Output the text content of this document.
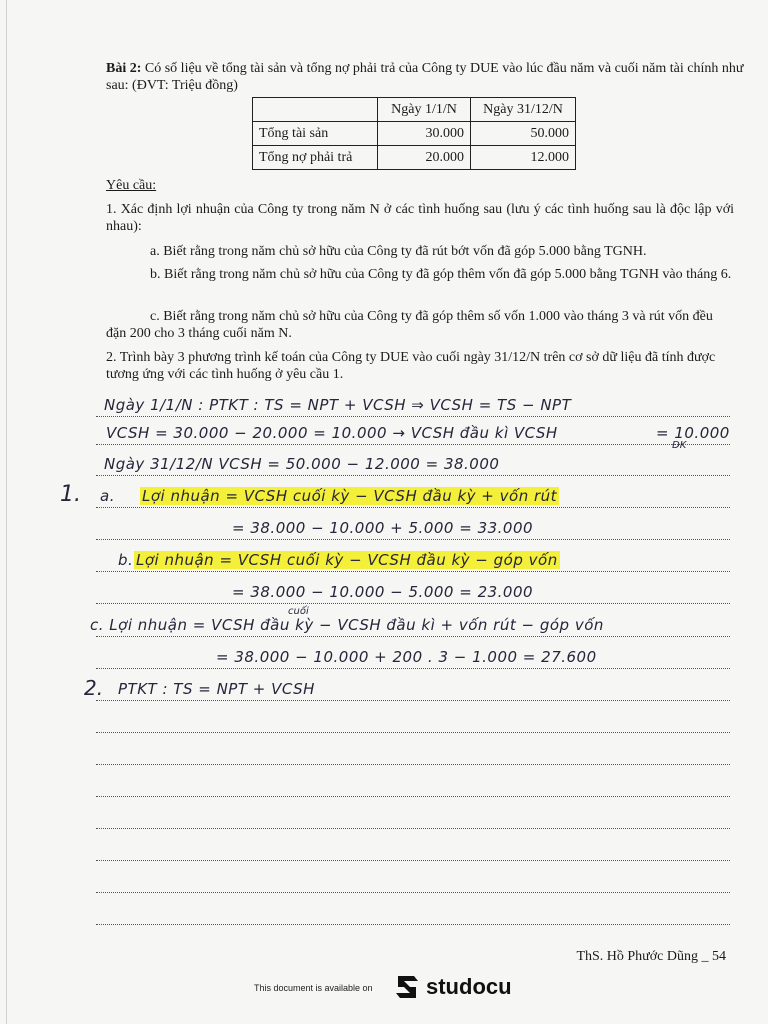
Bài 2: Có số liệu về tổng tài sản và tổng nợ phải trả của Công ty DUE vào lúc đầu năm và cuối năm tài chính như sau: (ĐVT: Triệu đồng)

	Ngày 1/1/N	Ngày 31/12/N
Tổng tài sản	30.000	50.000
Tổng nợ phải trả	20.000	12.000

Yêu cầu:

1. Xác định lợi nhuận của Công ty trong năm N ở các tình huống sau (lưu ý các tình huống sau là độc lập với nhau):

a. Biết rằng trong năm chủ sở hữu của Công ty đã rút bớt vốn đã góp 5.000 bằng TGNH.

b. Biết rằng trong năm chủ sở hữu của Công ty đã góp thêm vốn đã góp 5.000 bằng TGNH vào tháng 6.

c. Biết rằng trong năm chủ sở hữu của Công ty đã góp thêm số vốn 1.000 vào tháng 3 và rút vốn đều đặn 200 cho 3 tháng cuối năm N.

2. Trình bày 3 phương trình kế toán của Công ty DUE vào cuối ngày 31/12/N trên cơ sở dữ liệu đã tính được tương ứng với các tình huống ở yêu cầu 1.

Ngày 1/1/N : PTKT : TS = NPT + VCSH ⇒ VCSH = TS − NPT
VCSH = 30.000 − 20.000 = 10.000 → VCSH đầu kì VCSH	= 10.000
ĐK
Ngày 31/12/N VCSH = 50.000 − 12.000 = 38.000
1. a. Lợi nhuận = VCSH cuối kỳ − VCSH đầu kỳ + vốn rút
= 38.000 − 10.000 + 5.000 = 33.000
b. Lợi nhuận = VCSH cuối kỳ − VCSH đầu kỳ − góp vốn
= 38.000 − 10.000 − 5.000 = 23.000
cuối
c. Lợi nhuận = VCSH đầu kỳ − VCSH đầu kì + vốn rút − góp vốn
= 38.000 − 10.000 + 200 . 3 − 1.000 = 27.600
2. PTKT : TS = NPT + VCSH
ThS. Hồ Phước Dũng _ 54
This document is available on studocu
